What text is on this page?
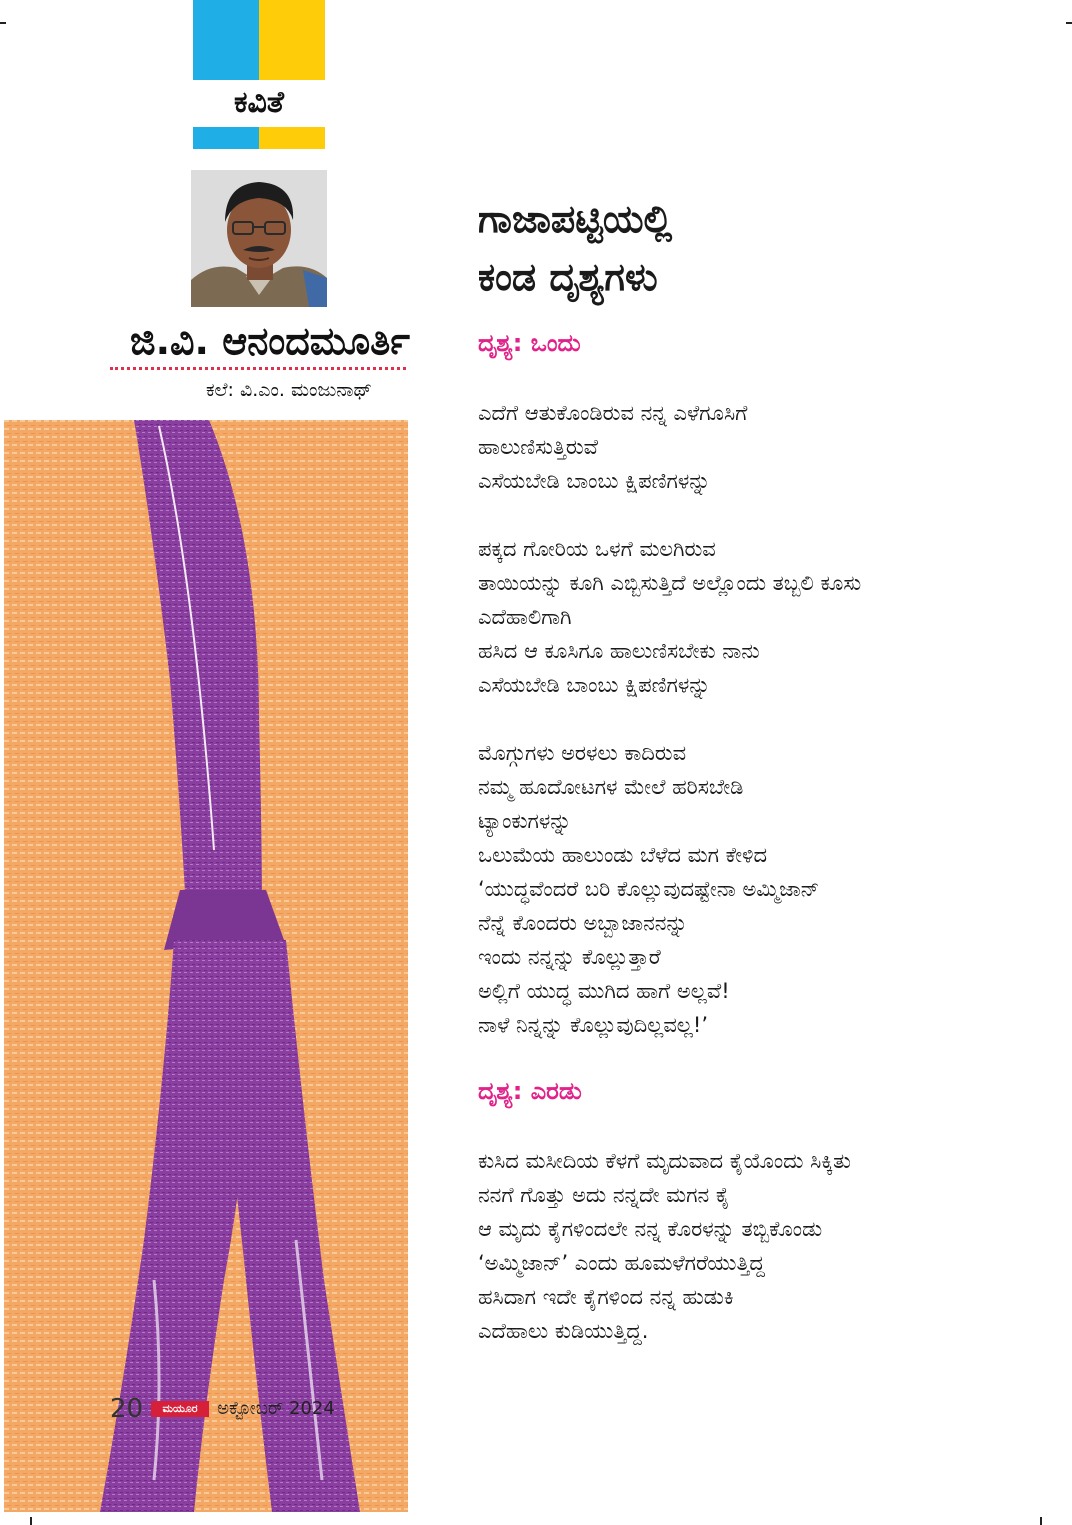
ಕವಿತೆ
ಜಿ.ವಿ. ಆನಂದಮೂರ್ತಿ
ಕಲೆ: ವಿ.ಎಂ. ಮಂಜುನಾಥ್
20	ಮಯೂರ	ಅಕ್ಟೋಬರ್ 2024
ಗಾಜಾಪಟ್ಟಿಯಲ್ಲಿ
ಕಂಡ ದೃಶ್ಯಗಳು
ದೃಶ್ಯ: ಒಂದು
ಎದೆಗೆ ಆತುಕೊಂಡಿರುವ ನನ್ನ ಎಳೆಗೂಸಿಗೆ
ಹಾಲುಣಿಸುತ್ತಿರುವೆ
ಎಸೆಯಬೇಡಿ ಬಾಂಬು ಕ್ಷಿಪಣಿಗಳನ್ನು
ಪಕ್ಕದ ಗೋರಿಯ ಒಳಗೆ ಮಲಗಿರುವ
ತಾಯಿಯನ್ನು ಕೂಗಿ ಎಬ್ಬಿಸುತ್ತಿದೆ ಅಲ್ಲೊಂದು ತಬ್ಬಲಿ ಕೂಸು
ಎದೆಹಾಲಿಗಾಗಿ
ಹಸಿದ ಆ ಕೂಸಿಗೂ ಹಾಲುಣಿಸಬೇಕು ನಾನು
ಎಸೆಯಬೇಡಿ ಬಾಂಬು ಕ್ಷಿಪಣಿಗಳನ್ನು
ಮೊಗ್ಗುಗಳು ಅರಳಲು ಕಾದಿರುವ
ನಮ್ಮ ಹೂದೋಟಗಳ ಮೇಲೆ ಹರಿಸಬೇಡಿ
ಟ್ಯಾಂಕುಗಳನ್ನು
ಒಲುಮೆಯ ಹಾಲುಂಡು ಬೆಳೆದ ಮಗ ಕೇಳಿದ
‘ಯುದ್ಧವೆಂದರೆ ಬರಿ ಕೊಲ್ಲುವುದಷ್ಟೇನಾ ಅಮ್ಮಿಜಾನ್
ನೆನ್ನೆ ಕೊಂದರು ಅಬ್ಬಾಜಾನನನ್ನು
ಇಂದು ನನ್ನನ್ನು ಕೊಲ್ಲುತ್ತಾರೆ
ಅಲ್ಲಿಗೆ ಯುದ್ಧ ಮುಗಿದ ಹಾಗೆ ಅಲ್ಲವೆ!
ನಾಳೆ ನಿನ್ನನ್ನು ಕೊಲ್ಲುವುದಿಲ್ಲವಲ್ಲ!’
ದೃಶ್ಯ: ಎರಡು
ಕುಸಿದ ಮಸೀದಿಯ ಕೆಳಗೆ ಮೃದುವಾದ ಕೈಯೊಂದು ಸಿಕ್ಕಿತು
ನನಗೆ ಗೊತ್ತು ಅದು ನನ್ನದೇ ಮಗನ ಕೈ
ಆ ಮೃದು ಕೈಗಳಿಂದಲೇ ನನ್ನ ಕೊರಳನ್ನು ತಬ್ಬಿಕೊಂಡು
‘ಅಮ್ಮಿಜಾನ್’ ಎಂದು ಹೂಮಳೆಗರೆಯುತ್ತಿದ್ದ
ಹಸಿದಾಗ ಇದೇ ಕೈಗಳಿಂದ ನನ್ನ ಹುಡುಕಿ
ಎದೆಹಾಲು ಕುಡಿಯುತ್ತಿದ್ದ.
